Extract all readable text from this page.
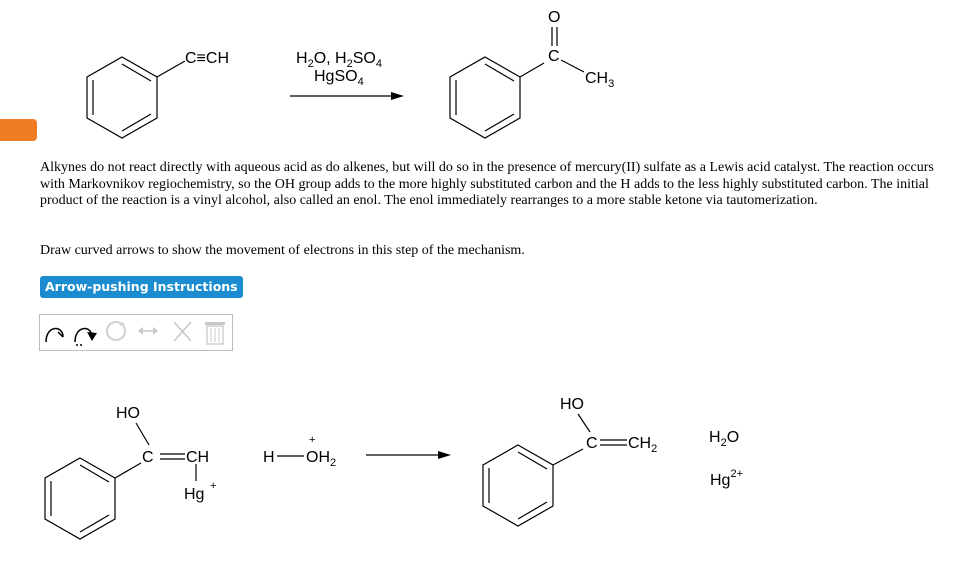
C≡CH	$H_2O$, $H_2SO_4$
HgSO$_4$
O
C
$CH_3$
HO
C CH
Hg +
H $OH_2$
+
HO
C $CH_2$
$H_2O$
$Hg^{2+}$
Alkynes do not react directly with aqueous acid as do alkenes, but will do so in the presence of mercury(II) sulfate as a Lewis acid catalyst. The reaction occurs with Markovnikov regiochemistry, so the OH group adds to the more highly substituted carbon and the H adds to the less highly substituted carbon. The initial product of the reaction is a vinyl alcohol, also called an enol. The enol immediately rearranges to a more stable ketone via tautomerization.
Draw curved arrows to show the movement of electrons in this step of the mechanism.
Arrow-pushing Instructions
